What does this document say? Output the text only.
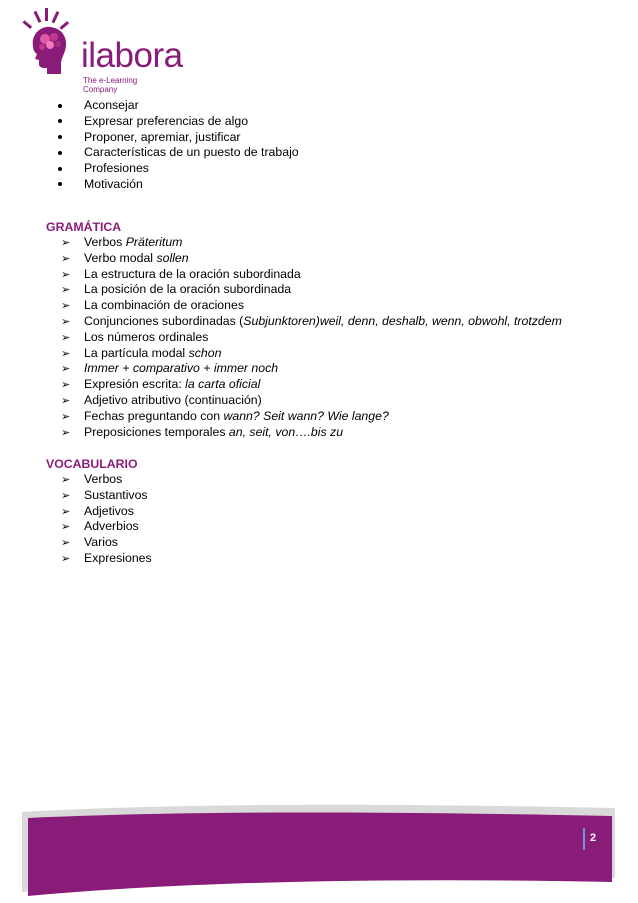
ilabora
The e-Learning Company
Aconsejar
Expresar preferencias de algo
Proponer, apremiar, justificar
Características de un puesto de trabajo
Profesiones
Motivación
GRAMÁTICA
➢ Verbos Präteritum
➢ Verbo modal sollen
➢ La estructura de la oración subordinada
➢ La posición de la oración subordinada
➢ La combinación de oraciones
➢ Conjunciones subordinadas (Subjunktoren)weil, denn, deshalb, wenn, obwohl, trotzdem
➢ Los números ordinales
➢ La partícula modal schon
➢ Immer + comparativo + immer noch
➢ Expresión escrita: la carta oficial
➢ Adjetivo atributivo (continuación)
➢ Fechas preguntando con wann? Seit wann? Wie lange?
➢ Preposiciones temporales an, seit, von….bis zu
VOCABULARIO
➢ Verbos
➢ Sustantivos
➢ Adjetivos
➢ Adverbios
➢ Varios
➢ Expresiones
2
